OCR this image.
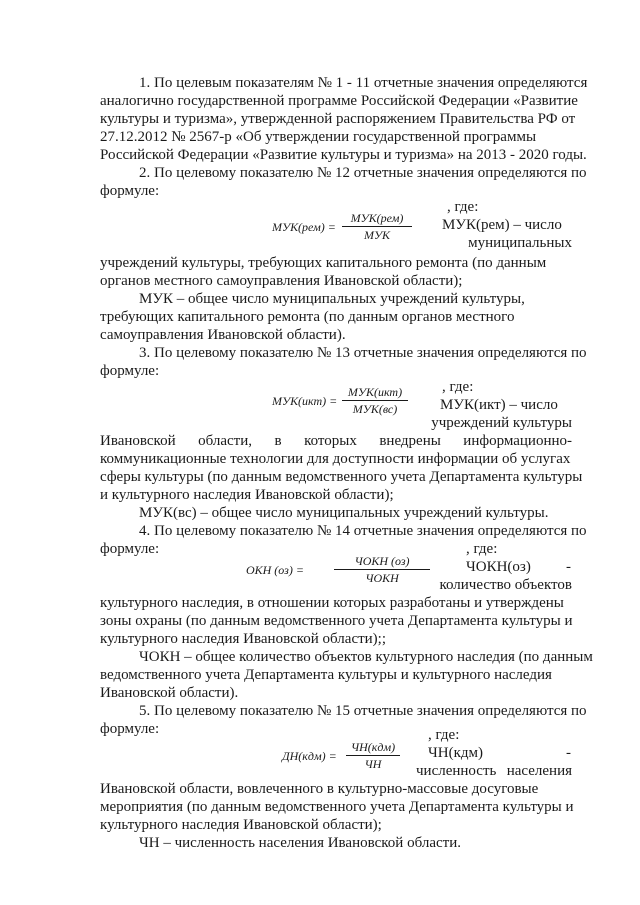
1. По целевым показателям № 1 - 11 отчетные значения определяются
аналогично государственной программе Российской Федерации «Развитие
культуры и туризма», утвержденной распоряжением Правительства РФ от
27.12.2012 № 2567-р «Об утверждении государственной программы
Российской Федерации «Развитие культуры и туризма» на 2013 - 2020 годы.
2. По целевому показателю № 12 отчетные значения определяются по
формуле:
МУК(рем) =
МУК(рем)
МУК
, где:
МУК(рем) – число
муниципальных
учреждений культуры, требующих капитального ремонта (по данным
органов местного самоуправления Ивановской области);
МУК – общее число муниципальных учреждений культуры,
требующих капитального ремонта (по данным органов местного
самоуправления Ивановской области).
3. По целевому показателю № 13 отчетные значения определяются по
формуле:
МУК(икт) =
МУК(икт)
МУК(вс)
, где:
МУК(икт) – число
учреждений культуры
Ивановской области, в которых внедрены информационно-
коммуникационные технологии для доступности информации об услугах
сферы культуры (по данным ведомственного учета Департамента культуры
и культурного наследия Ивановской области);
МУК(вс) – общее число муниципальных учреждений культуры.
4. По целевому показателю № 14 отчетные значения определяются по
формуле:
ОКН (оз) =
ЧОКН (оз)
ЧОКН
, где:
ЧОКН(оз) -
количество объектов
культурного наследия, в отношении которых разработаны и утверждены
зоны охраны (по данным ведомственного учета Департамента культуры и
культурного наследия Ивановской области);;
ЧОКН – общее количество объектов культурного наследия (по данным
ведомственного учета Департамента культуры и культурного наследия
Ивановской области).
5. По целевому показателю № 15 отчетные значения определяются по
формуле:
ДН(кдм) =
ЧН(кдм)
ЧН
, где:
ЧН(кдм)	-
численность населения
Ивановской области, вовлеченного в культурно-массовые досуговые
мероприятия (по данным ведомственного учета Департамента культуры и
культурного наследия Ивановской области);
ЧН – численность населения Ивановской области.
